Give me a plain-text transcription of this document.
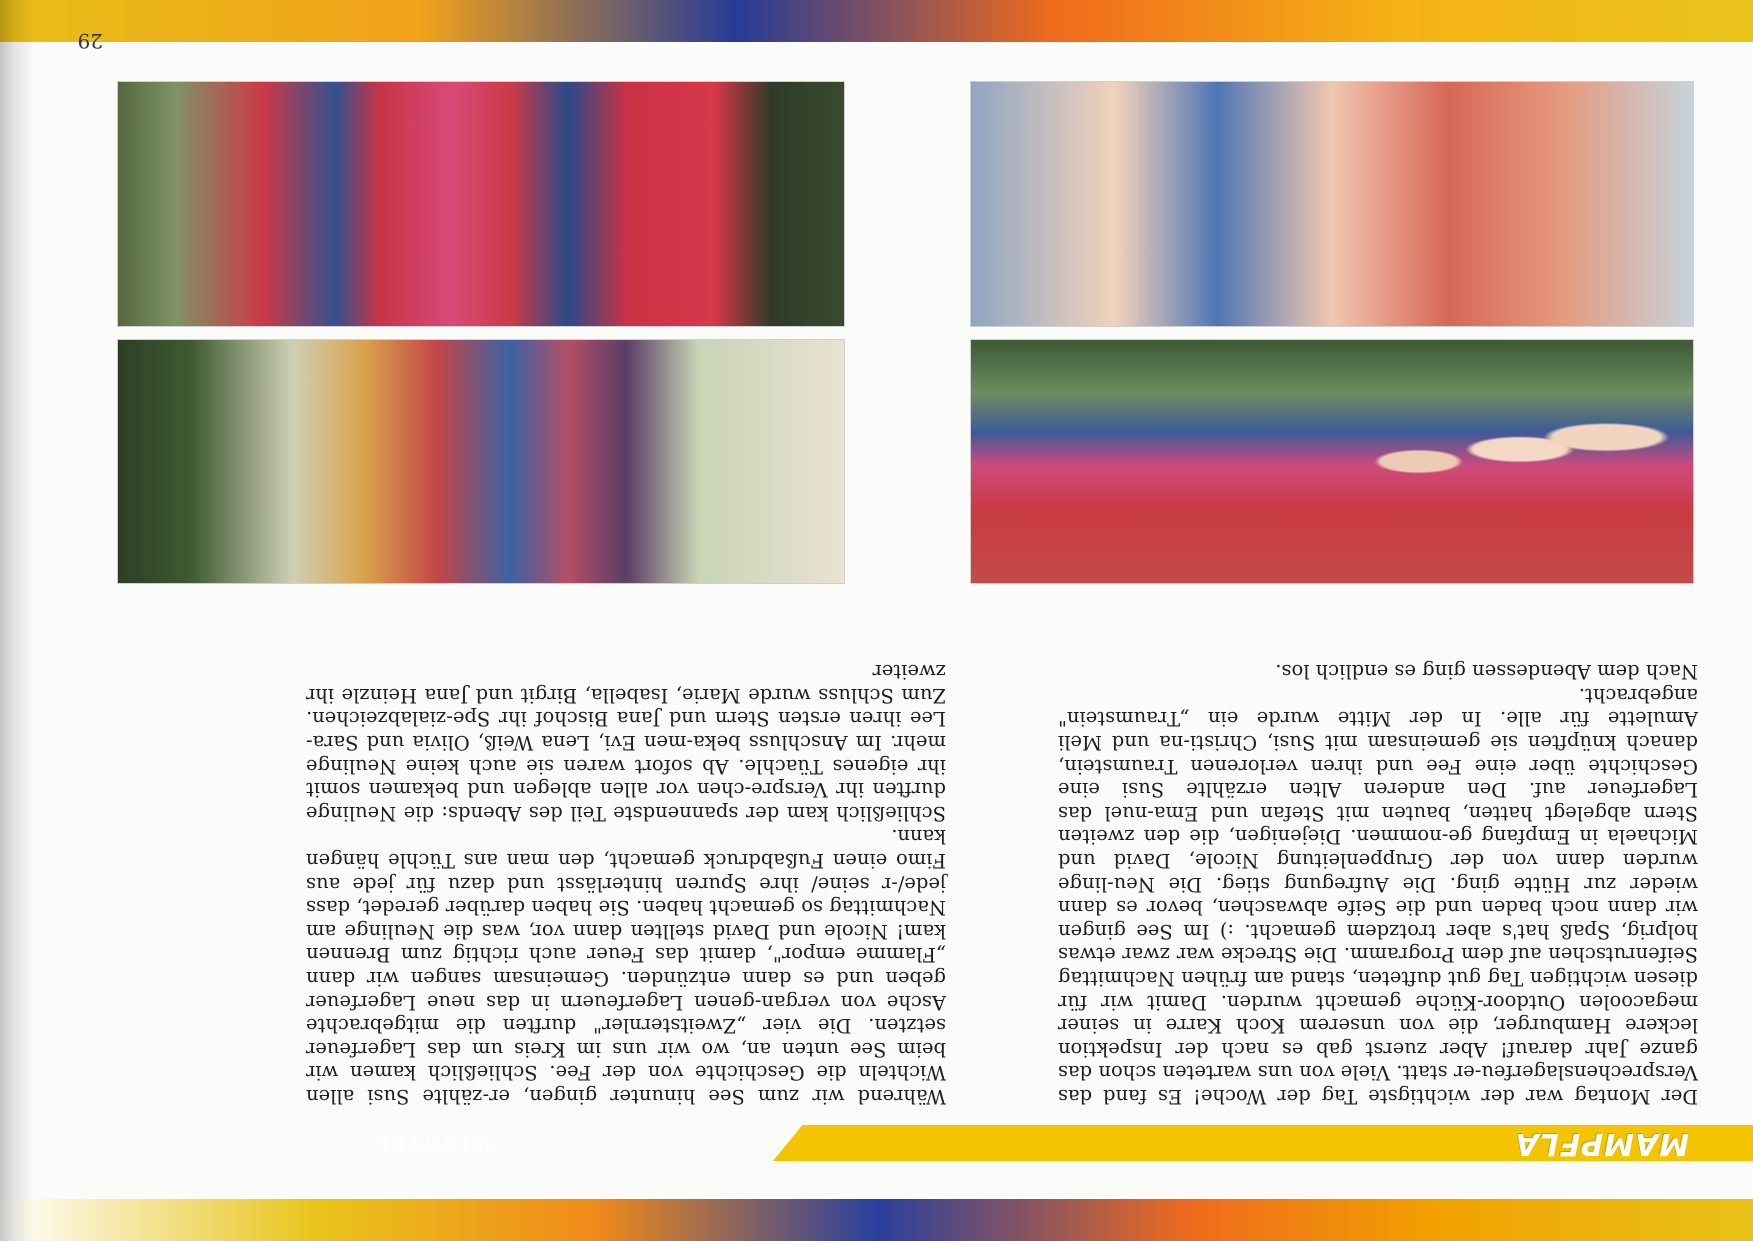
MAMPFLA
WICHTEL

Der Montag war der wichtigste Tag der Woche! Es fand das Versprechenslagerfeu-er statt. Viele von uns warteten schon das ganze Jahr darauf! Aber zuerst gab es nach der Inspektion leckere Hamburger, die von unserem Koch Karre in seiner megacoolen Outdoor-Küche gemacht wurden. Damit wir für diesen wichtigen Tag gut dufteten, stand am frühen Nachmittag Seifenrutschen auf dem Programm. Die Strecke war zwar etwas holprig, Spaß hat's aber trotzdem gemacht. :) Im See gingen wir dann noch baden und die Seife abwaschen, bevor es dann wieder zur Hütte ging. Die Aufregung stieg. Die Neu-linge wurden dann von der Gruppenleitung Nicole, David und Michaela in Empfang ge-nommen. Diejenigen, die den zweiten Stern abgelegt hatten, bauten mit Stefan und Ema-nuel das Lagerfeuer auf. Den anderen Alten erzählte Susi eine Geschichte über eine Fee und ihren verlorenen Traumstein, danach knüpften sie gemeinsam mit Susi, Christi-na und Meli Amulette für alle. In der Mitte wurde ein „Traumstein" angebracht.

Nach dem Abendessen ging es endlich los.

Während wir zum See hinunter gingen, er-zählte Susi allen Wichteln die Geschichte von der Fee. Schließlich kamen wir beim See unten an, wo wir uns im Kreis um das Lagerfeuer setzten. Die vier „Zweitsternler" durften die mitgebrachte Asche von vergan-genen Lagerfeuern in das neue Lagerfeuer geben und es dann entzünden. Gemeinsam sangen wir dann „Flamme empor", damit das Feuer auch richtig zum Brennen kam! Nicole und David stellten dann vor, was die Neulinge am Nachmittag so gemacht haben. Sie haben darüber geredet, dass jede/-r seine/ ihre Spuren hinterlässt und dazu für jede aus Fimo einen Fußabdruck gemacht, den man ans Tüchle hängen kann.

Schließlich kam der spannendste Teil des Abends: die Neulinge durften ihr Verspre-chen vor allen ablegen und bekamen somit ihr eigenes Tüachle. Ab sofort waren sie auch keine Neulinge mehr. Im Anschluss beka-men Evi, Lena Weiß, Olivia und Sara-Lee ihren ersten Stern und Jana Bischof ihr Spe-zialabzeichen. Zum Schluss wurde Marie, Isabella, Birgit und Jana Heinzle ihr zweiter

29
